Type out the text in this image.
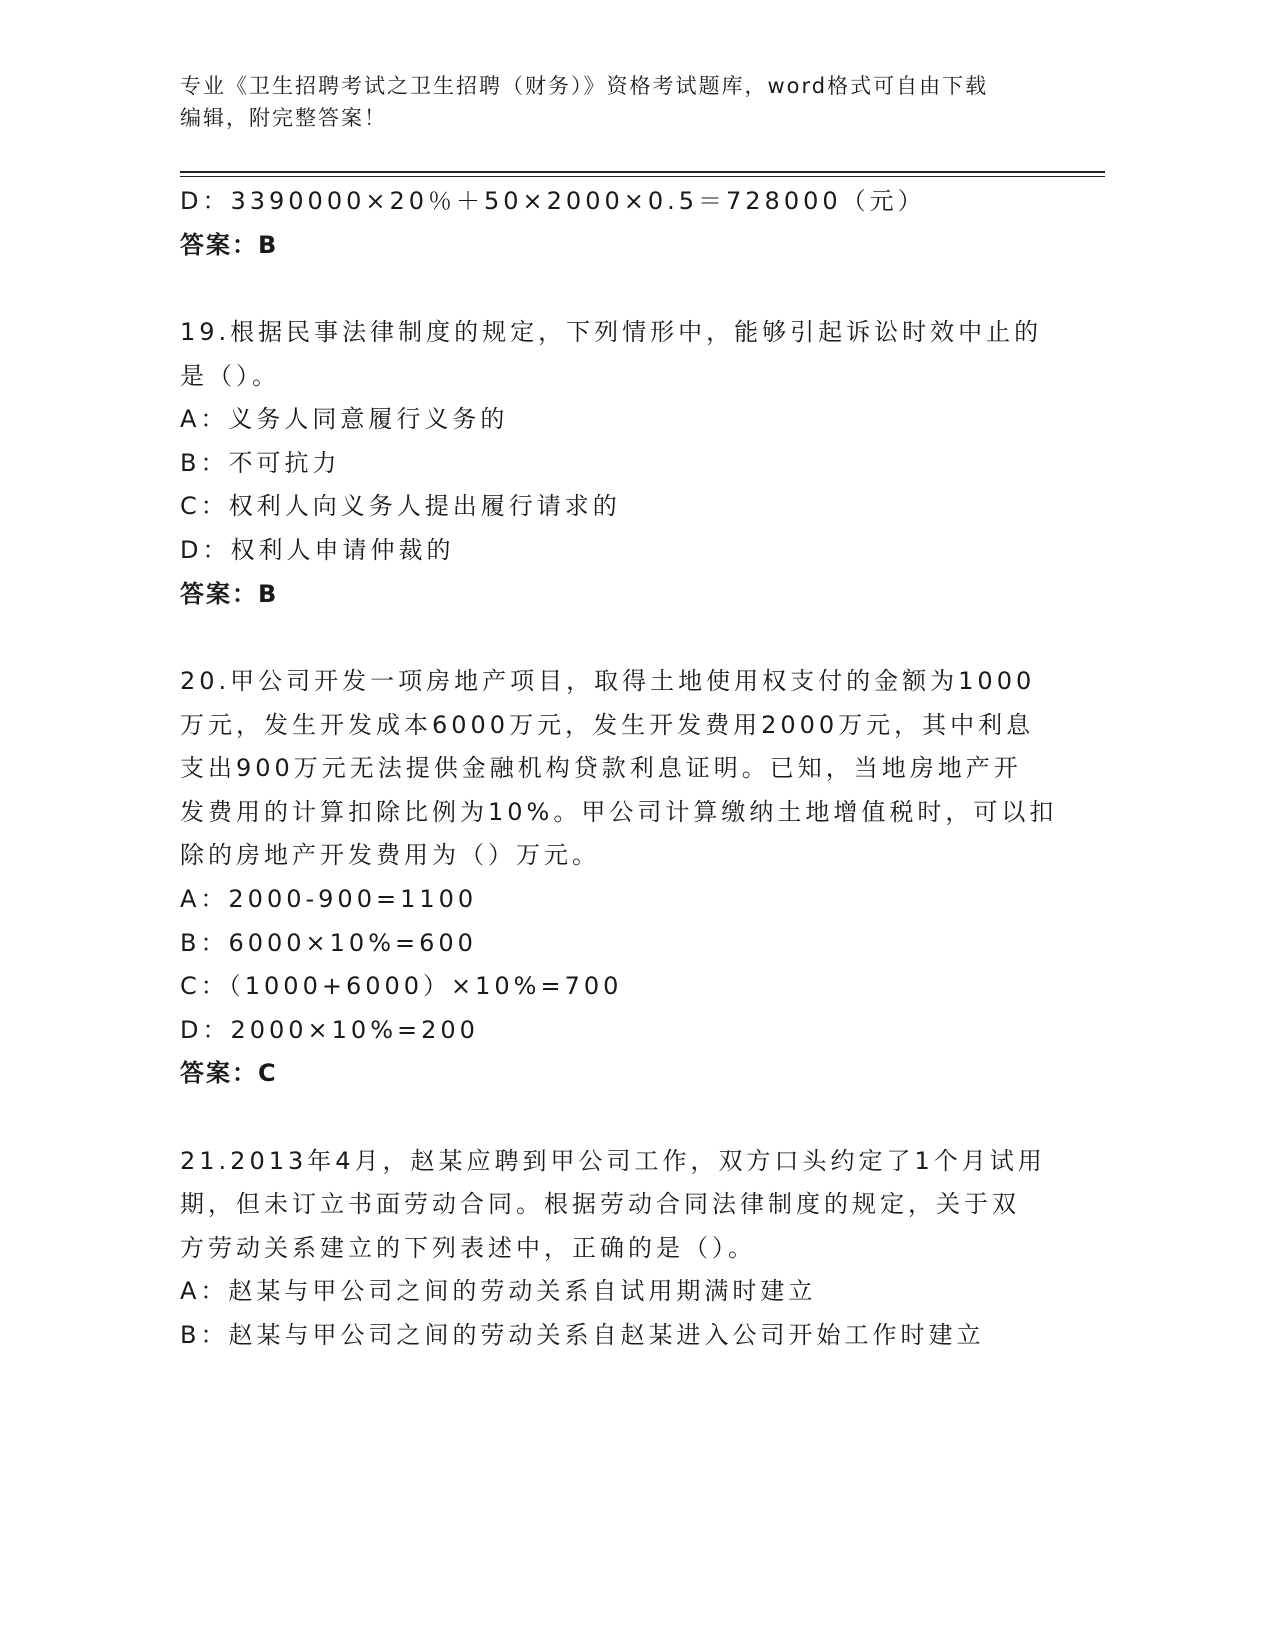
专业《卫生招聘考试之卫生招聘（财务）》资格考试题库，word格式可自由下载
编辑，附完整答案！
D：3390000×20％＋50×2000×0.5＝728000（元）
答案：B
19.根据民事法律制度的规定，下列情形中，能够引起诉讼时效中止的
是（）。
A：义务人同意履行义务的
B：不可抗力
C：权利人向义务人提出履行请求的
D：权利人申请仲裁的
答案：B
20.甲公司开发一项房地产项目，取得土地使用权支付的金额为1000
万元，发生开发成本6000万元，发生开发费用2000万元，其中利息
支出900万元无法提供金融机构贷款利息证明。已知，当地房地产开
发费用的计算扣除比例为10%。甲公司计算缴纳土地增值税时，可以扣
除的房地产开发费用为（）万元。
A：2000-900=1100
B：6000×10%=600
C：（1000+6000）×10%=700
D：2000×10%=200
答案：C
21.2013年4月，赵某应聘到甲公司工作，双方口头约定了1个月试用
期，但未订立书面劳动合同。根据劳动合同法律制度的规定，关于双
方劳动关系建立的下列表述中，正确的是（）。
A：赵某与甲公司之间的劳动关系自试用期满时建立
B：赵某与甲公司之间的劳动关系自赵某进入公司开始工作时建立
